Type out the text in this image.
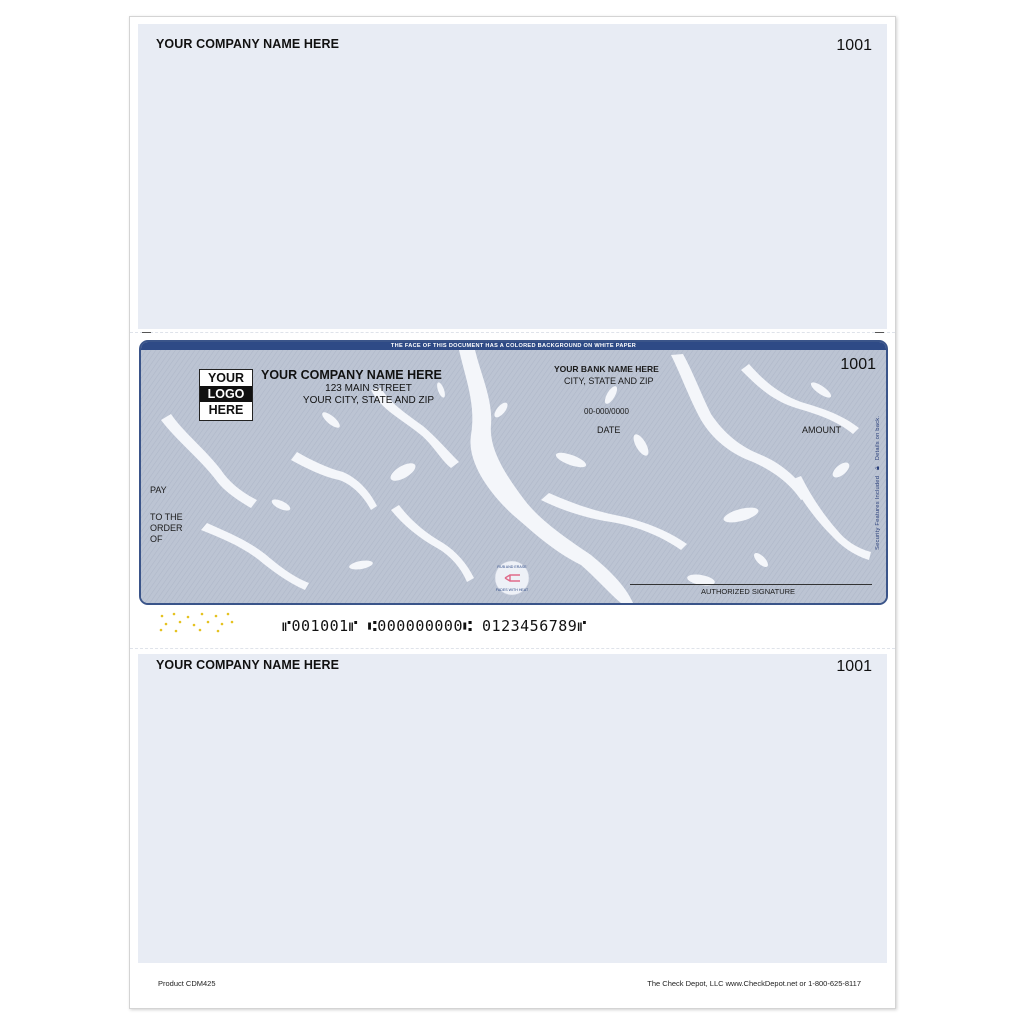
YOUR COMPANY NAME HERE	1001
THE FACE OF THIS DOCUMENT HAS A COLORED BACKGROUND ON WHITE PAPER
RUB AND ERASE
FADES WITH HEAT
1001
YOUR
LOGO
HERE
YOUR COMPANY NAME HERE
123 MAIN STREET
YOUR CITY, STATE AND ZIP
YOUR BANK NAME HERE
CITY, STATE AND ZIP
00-000/0000
DATE	AMOUNT
PAY
TO THE
ORDER
OF
AUTHORIZED SIGNATURE
Security Features Included 🔒︎ Details on back.
⑈001001⑈ ⑆000000000⑆ 0123456789⑈
YOUR COMPANY NAME HERE	1001
Product CDM425	The Check Depot, LLC www.CheckDepot.net or 1-800-625-8117
